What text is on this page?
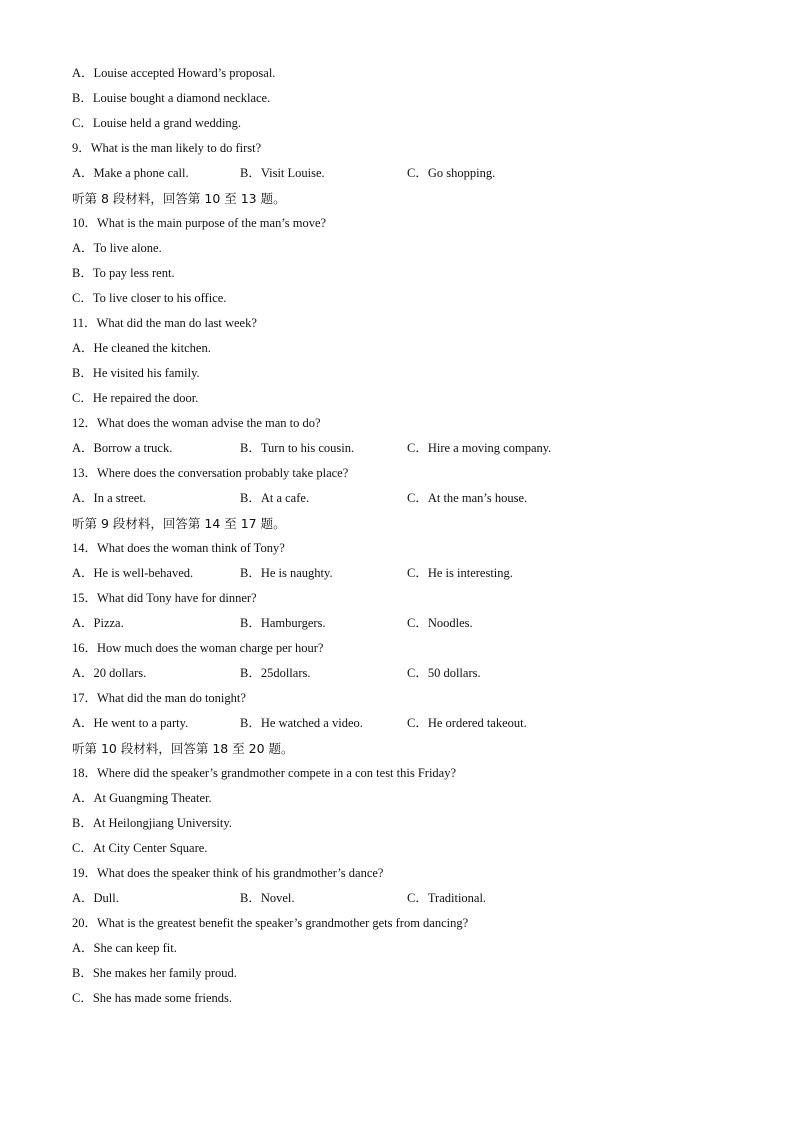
A．Louise accepted Howard’s proposal.
B．Louise bought a diamond necklace.
C．Louise held a grand wedding.
9．What is the man likely to do first?
A．Make a phone call.	B．Visit Louise.	C．Go shopping.
听第 8 段材料，回答第 10 至 13 题。
10．What is the main purpose of the man’s move?
A．To live alone.
B．To pay less rent.
C．To live closer to his office.
11．What did the man do last week?
A．He cleaned the kitchen.
B．He visited his family.
C．He repaired the door.
12．What does the woman advise the man to do?
A．Borrow a truck.	B．Turn to his cousin.	C．Hire a moving company.
13．Where does the conversation probably take place?
A．In a street.	B．At a cafe.	C．At the man’s house.
听第 9 段材料，回答第 14 至 17 题。
14．What does the woman think of Tony?
A．He is well-behaved.	B．He is naughty.	C．He is interesting.
15．What did Tony have for dinner?
A．Pizza.	B．Hamburgers.	C．Noodles.
16．How much does the woman charge per hour?
A．20 dollars.	B．25dollars.	C．50 dollars.
17．What did the man do tonight?
A．He went to a party.	B．He watched a video.	C．He ordered takeout.
听第 10 段材料，回答第 18 至 20 题。
18．Where did the speaker’s grandmother compete in a con test this Friday?
A．At Guangming Theater.
B．At Heilongjiang University.
C．At City Center Square.
19．What does the speaker think of his grandmother’s dance?
A．Dull.	B．Novel.	C．Traditional.
20．What is the greatest benefit the speaker’s grandmother gets from dancing?
A．She can keep fit.
B．She makes her family proud.
C．She has made some friends.
